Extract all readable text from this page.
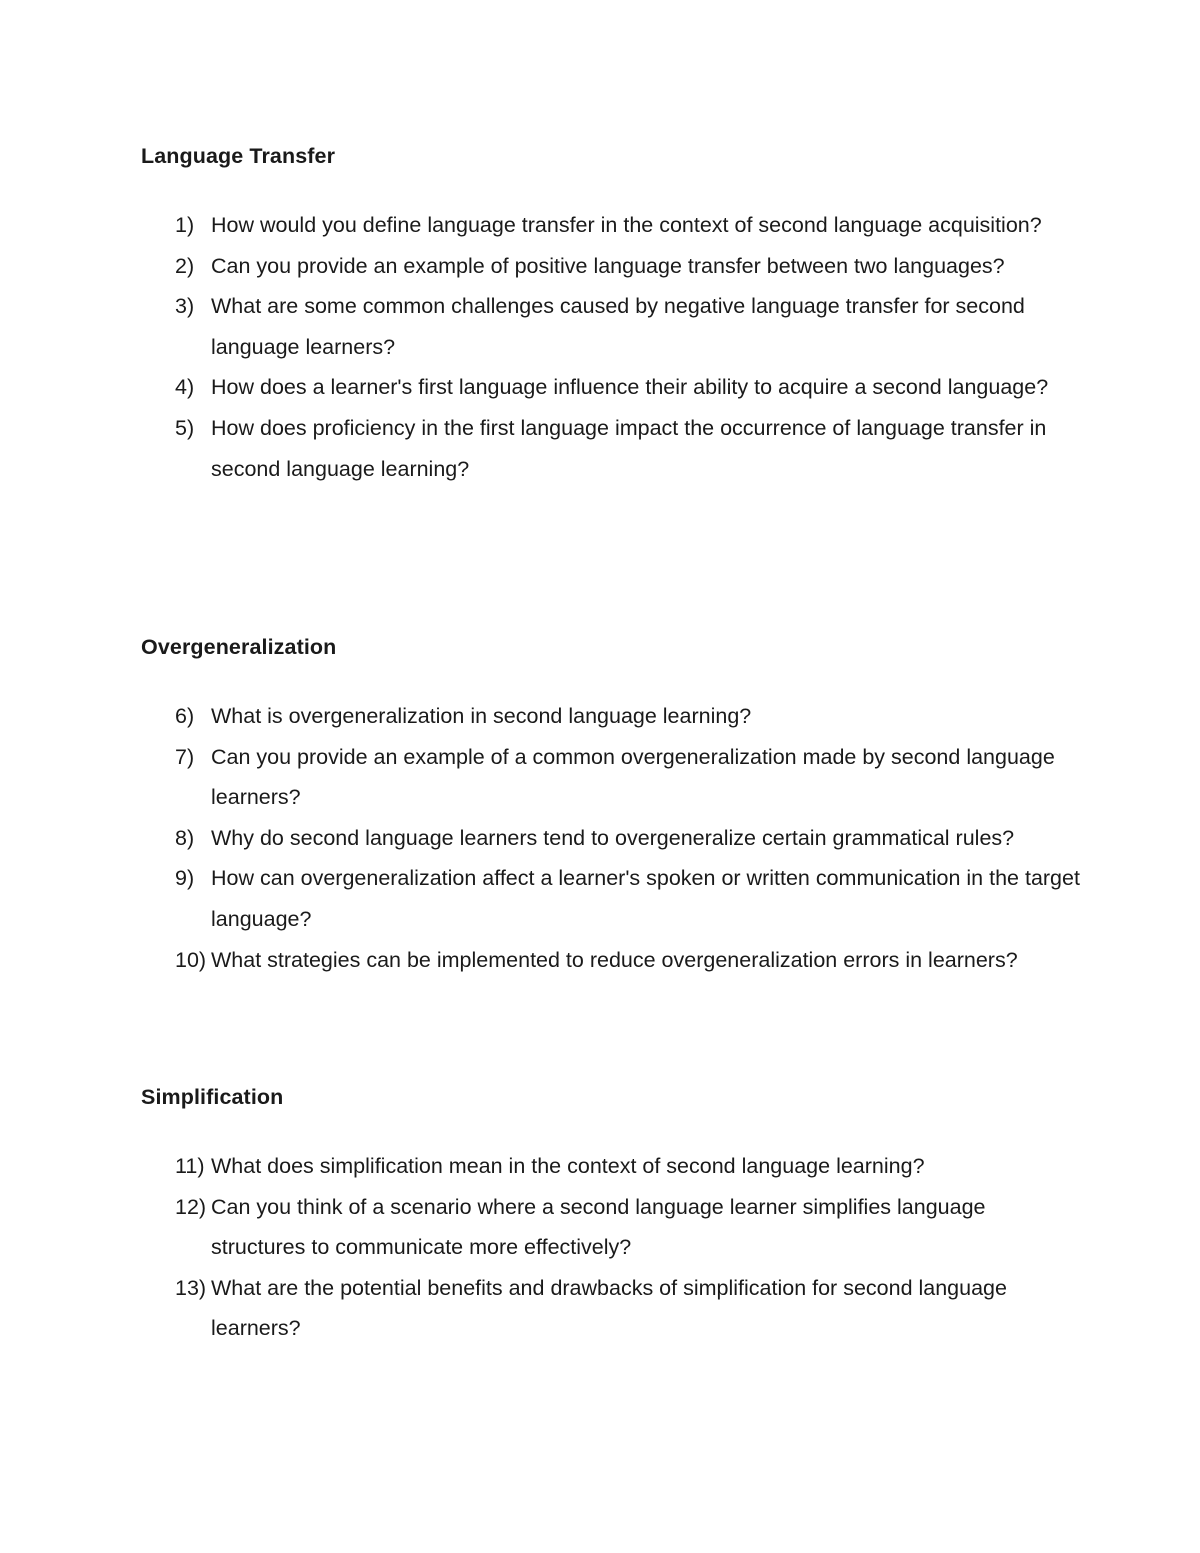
Language Transfer
1) How would you define language transfer in the context of second language acquisition?
2) Can you provide an example of positive language transfer between two languages?
3) What are some common challenges caused by negative language transfer for second language learners?
4) How does a learner's first language influence their ability to acquire a second language?
5) How does proficiency in the first language impact the occurrence of language transfer in second language learning?
Overgeneralization
6) What is overgeneralization in second language learning?
7) Can you provide an example of a common overgeneralization made by second language learners?
8) Why do second language learners tend to overgeneralize certain grammatical rules?
9) How can overgeneralization affect a learner's spoken or written communication in the target language?
10) What strategies can be implemented to reduce overgeneralization errors in learners?
Simplification
11) What does simplification mean in the context of second language learning?
12) Can you think of a scenario where a second language learner simplifies language structures to communicate more effectively?
13) What are the potential benefits and drawbacks of simplification for second language learners?
